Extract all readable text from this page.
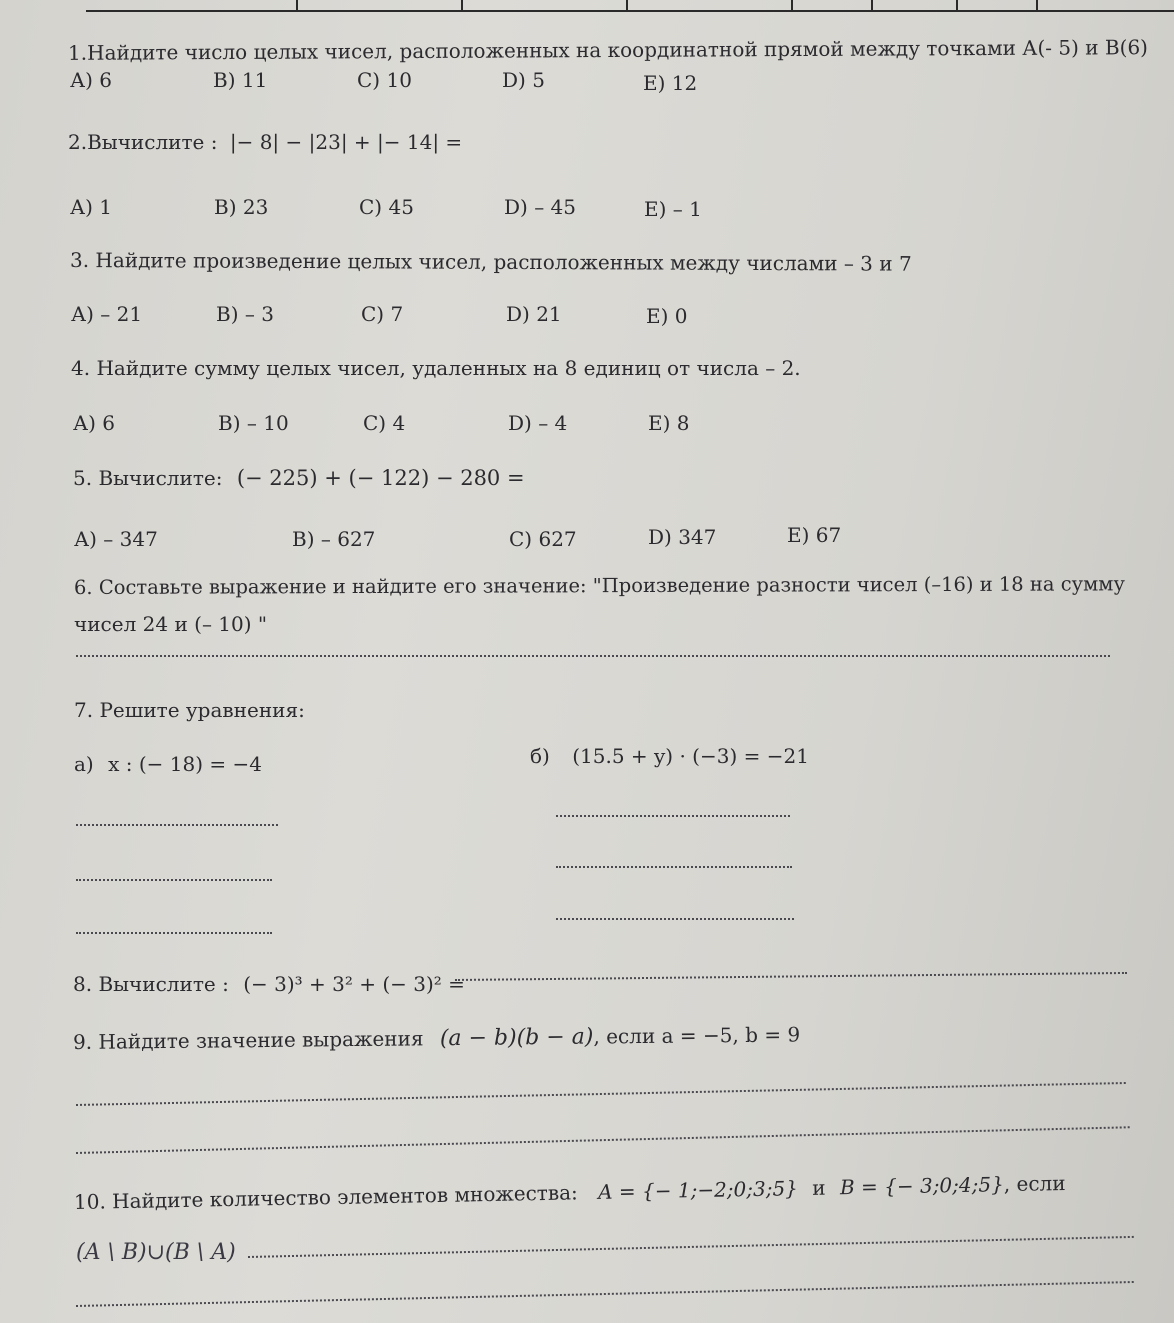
1.Найдите число целых чисел, расположенных на координатной прямой между точками А(- 5) и В(6)
А) 6	В) 11	С) 10	D) 5	Е) 12
2.Вычислите : |− 8| − |23| + |− 14| =
А) 1	В) 23	С) 45	D) – 45	Е) – 1
3. Найдите произведение целых чисел, расположенных между числами – 3 и 7
А) – 21	В) – 3	С) 7	D) 21	Е) 0
4. Найдите сумму целых чисел, удаленных на 8 единиц от числа – 2.
А) 6	В) – 10	С) 4	D) – 4	Е) 8
5. Вычислите: (− 225) + (− 122) − 280 =
А) – 347	В) – 627	С) 627	D) 347	Е) 67
6. Составьте выражение и найдите его значение: "Произведение разности чисел (–16) и 18 на сумму
чисел 24 и (– 10) "
7. Решите уравнения:
а) x : (− 18) = −4	б) (15.5 + y) · (−3) = −21
8. Вычислите : (− 3)³ + 3² + (− 3)² =
9. Найдите значение выражения (a − b)(b − a), если a = −5, b = 9
10. Найдите количество элементов множества: A = {− 1;−2;0;3;5} и B = {− 3;0;4;5}, если
(A \ B)∪(B \ A)
